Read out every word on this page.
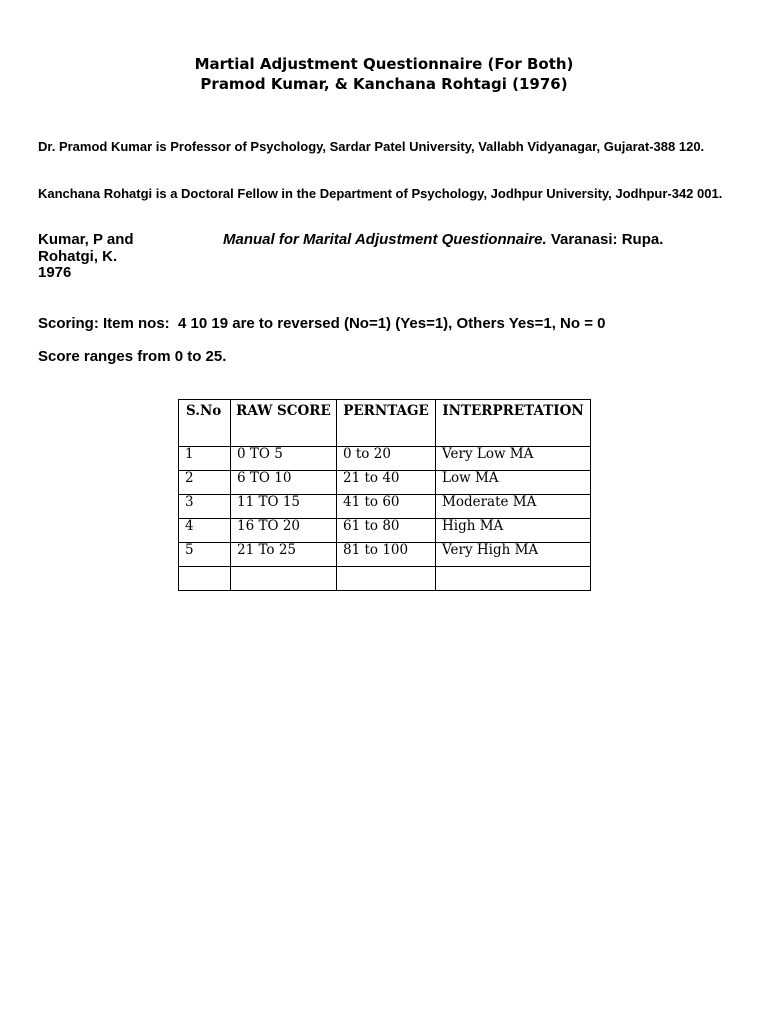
Martial Adjustment Questionnaire (For Both)
Pramod Kumar, & Kanchana Rohtagi (1976)
Dr. Pramod Kumar is Professor of Psychology, Sardar Patel University, Vallabh Vidyanagar, Gujarat-388 120.
Kanchana Rohatgi is a Doctoral Fellow in the Department of Psychology, Jodhpur University, Jodhpur-342 001.
Kumar, P and
Rohatgi, K.
1976
Manual for Marital Adjustment Questionnaire. Varanasi: Rupa.
Scoring: Item nos:  4 10 19 are to reversed (No=1) (Yes=1), Others Yes=1, No = 0
Score ranges from 0 to 25.
S.No	RAW SCORE	PERNTAGE	INTERPRETATION
1	0 TO 5	0 to 20	Very Low MA
2	6 TO 10	21 to 40	Low MA
3	11 TO 15	41 to 60	Moderate MA
4	16 TO 20	61 to 80	High MA
5	21 To 25	81 to 100	Very High MA
